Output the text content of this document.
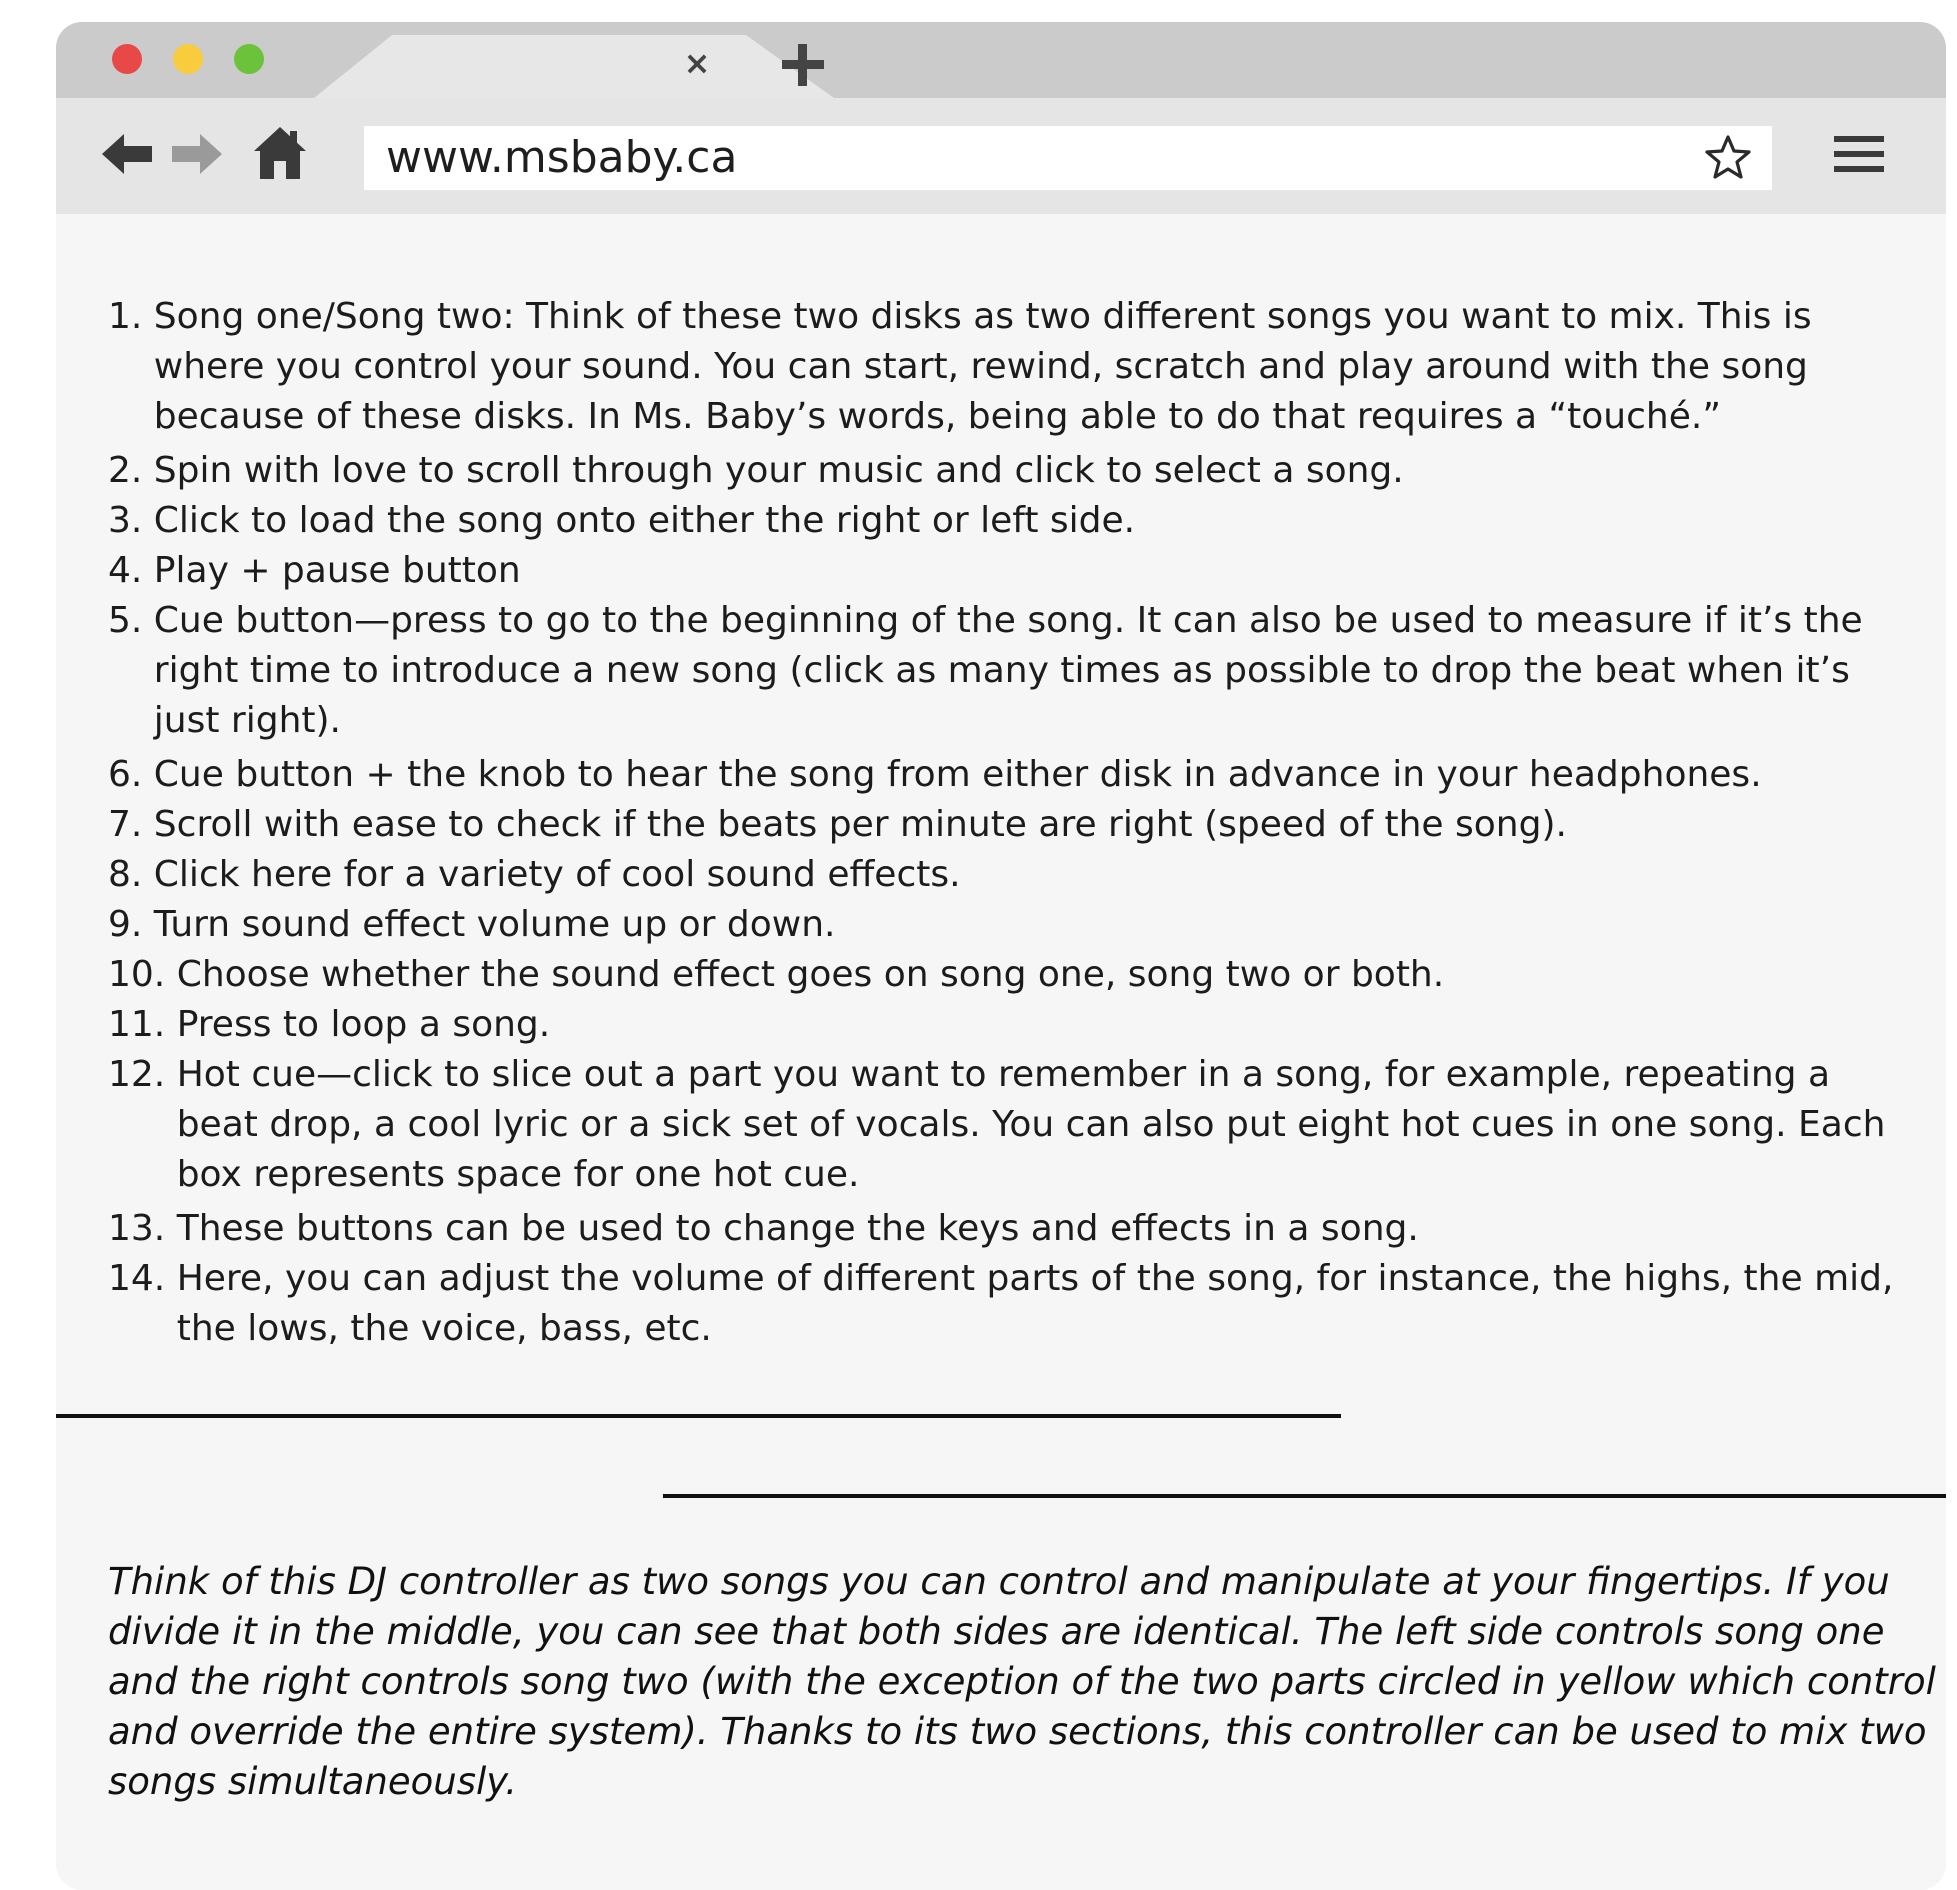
×
www.msbaby.ca
1. Song one/Song two: Think of these two disks as two different songs you want to mix. This is where you control your sound. You can start, rewind, scratch and play around with the song because of these disks. In Ms. Baby’s words, being able to do that requires a “touché.”
2. Spin with love to scroll through your music and click to select a song.
3. Click to load the song onto either the right or left side.
4. Play + pause button
5. Cue button—press to go to the beginning of the song. It can also be used to measure if it’s the right time to introduce a new song (click as many times as possible to drop the beat when it’s just right).
6. Cue button + the knob to hear the song from either disk in advance in your headphones.
7. Scroll with ease to check if the beats per minute are right (speed of the song).
8. Click here for a variety of cool sound effects.
9. Turn sound effect volume up or down.
10. Choose whether the sound effect goes on song one, song two or both.
11. Press to loop a song.
12. Hot cue—click to slice out a part you want to remember in a song, for example, repeating a beat drop, a cool lyric or a sick set of vocals. You can also put eight hot cues in one song. Each box represents space for one hot cue.
13. These buttons can be used to change the keys and effects in a song.
14. Here, you can adjust the volume of different parts of the song, for instance, the highs, the mid, the lows, the voice, bass, etc.

Think of this DJ controller as two songs you can control and manipulate at your fingertips. If you divide it in the middle, you can see that both sides are identical. The left side controls song one and the right controls song two (with the exception of the two parts circled in yellow which control and override the entire system). Thanks to its two sections, this controller can be used to mix two songs simultaneously.
